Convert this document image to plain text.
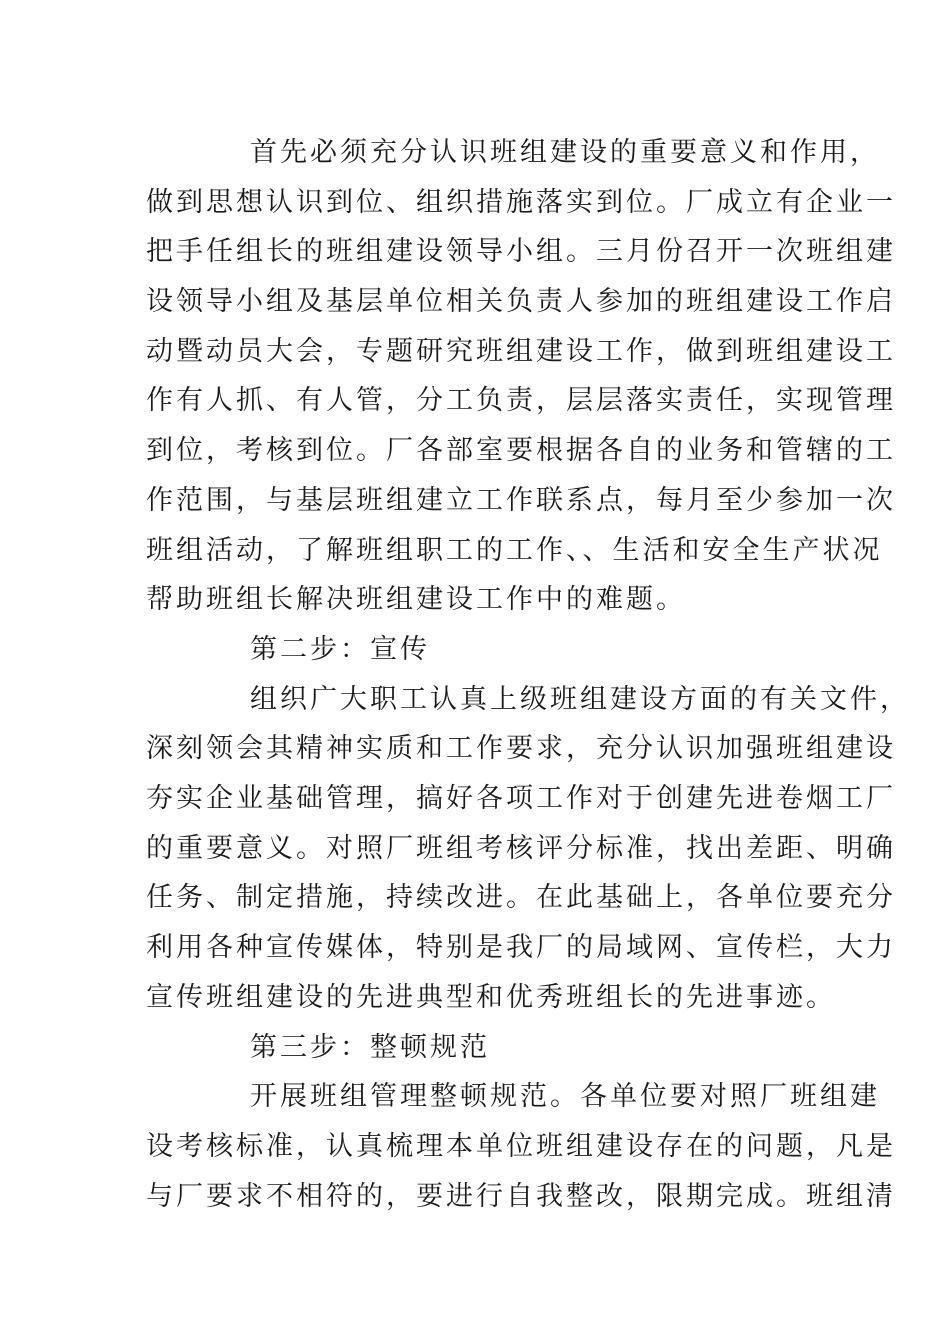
首先必须充分认识班组建设的重要意义和作用，
做到思想认识到位、组织措施落实到位。厂成立有企业一
把手任组长的班组建设领导小组。三月份召开一次班组建
设领导小组及基层单位相关负责人参加的班组建设工作启
动暨动员大会，专题研究班组建设工作，做到班组建设工
作有人抓、有人管，分工负责，层层落实责任，实现管理
到位，考核到位。厂各部室要根据各自的业务和管辖的工
作范围，与基层班组建立工作联系点，每月至少参加一次
班组活动，了解班组职工的工作、、生活和安全生产状况
帮助班组长解决班组建设工作中的难题。
第二步：宣传
组织广大职工认真上级班组建设方面的有关文件，
深刻领会其精神实质和工作要求，充分认识加强班组建设
夯实企业基础管理，搞好各项工作对于创建先进卷烟工厂
的重要意义。对照厂班组考核评分标准，找出差距、明确
任务、制定措施，持续改进。在此基础上，各单位要充分
利用各种宣传媒体，特别是我厂的局域网、宣传栏，大力
宣传班组建设的先进典型和优秀班组长的先进事迹。
第三步：整顿规范
开展班组管理整顿规范。各单位要对照厂班组建
设考核标准，认真梳理本单位班组建设存在的问题，凡是
与厂要求不相符的，要进行自我整改，限期完成。班组清
